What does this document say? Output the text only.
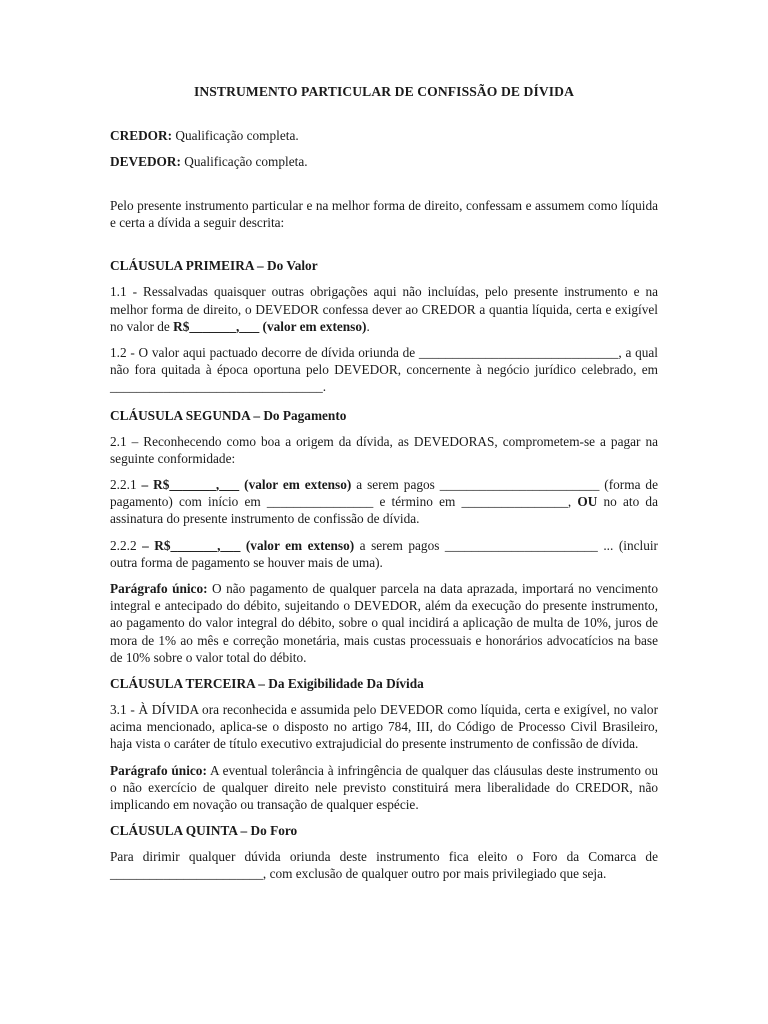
INSTRUMENTO PARTICULAR DE CONFISSÃO DE DÍVIDA
CREDOR: Qualificação completa.
DEVEDOR: Qualificação completa.

Pelo presente instrumento particular e na melhor forma de direito, confessam e assumem como líquida e certa a dívida a seguir descrita:

CLÁUSULA PRIMEIRA – Do Valor

1.1 - Ressalvadas quaisquer outras obrigações aqui não incluídas, pelo presente instrumento e na melhor forma de direito, o DEVEDOR confessa dever ao CREDOR a quantia líquida, certa e exigível no valor de R$_______,___ (valor em extenso).

1.2 - O valor aqui pactuado decorre de dívida oriunda de ______________________________, a qual não fora quitada à época oportuna pelo DEVEDOR, concernente à negócio jurídico celebrado, em ________________________________.

CLÁUSULA SEGUNDA – Do Pagamento

2.1 – Reconhecendo como boa a origem da dívida, as DEVEDORAS, comprometem-se a pagar na seguinte conformidade:

2.2.1 – R$_______,___ (valor em extenso) a serem pagos ________________________ (forma de pagamento) com início em ________________ e término em ________________, OU no ato da assinatura do presente instrumento de confissão de dívida.

2.2.2 – R$_______,___ (valor em extenso) a serem pagos _______________________ ... (incluir outra forma de pagamento se houver mais de uma).

Parágrafo único: O não pagamento de qualquer parcela na data aprazada, importará no vencimento integral e antecipado do débito, sujeitando o DEVEDOR, além da execução do presente instrumento, ao pagamento do valor integral do débito, sobre o qual incidirá a aplicação de multa de 10%, juros de mora de 1% ao mês e correção monetária, mais custas processuais e honorários advocatícios na base de 10% sobre o valor total do débito.

CLÁUSULA TERCEIRA – Da Exigibilidade Da Dívida

3.1 - À DÍVIDA ora reconhecida e assumida pelo DEVEDOR como líquida, certa e exigível, no valor acima mencionado, aplica-se o disposto no artigo 784, III, do Código de Processo Civil Brasileiro, haja vista o caráter de título executivo extrajudicial do presente instrumento de confissão de dívida.

Parágrafo único: A eventual tolerância à infringência de qualquer das cláusulas deste instrumento ou o não exercício de qualquer direito nele previsto constituirá mera liberalidade do CREDOR, não implicando em novação ou transação de qualquer espécie.

CLÁUSULA QUINTA – Do Foro

Para dirimir qualquer dúvida oriunda deste instrumento fica eleito o Foro da Comarca de _______________________, com exclusão de qualquer outro por mais privilegiado que seja.
